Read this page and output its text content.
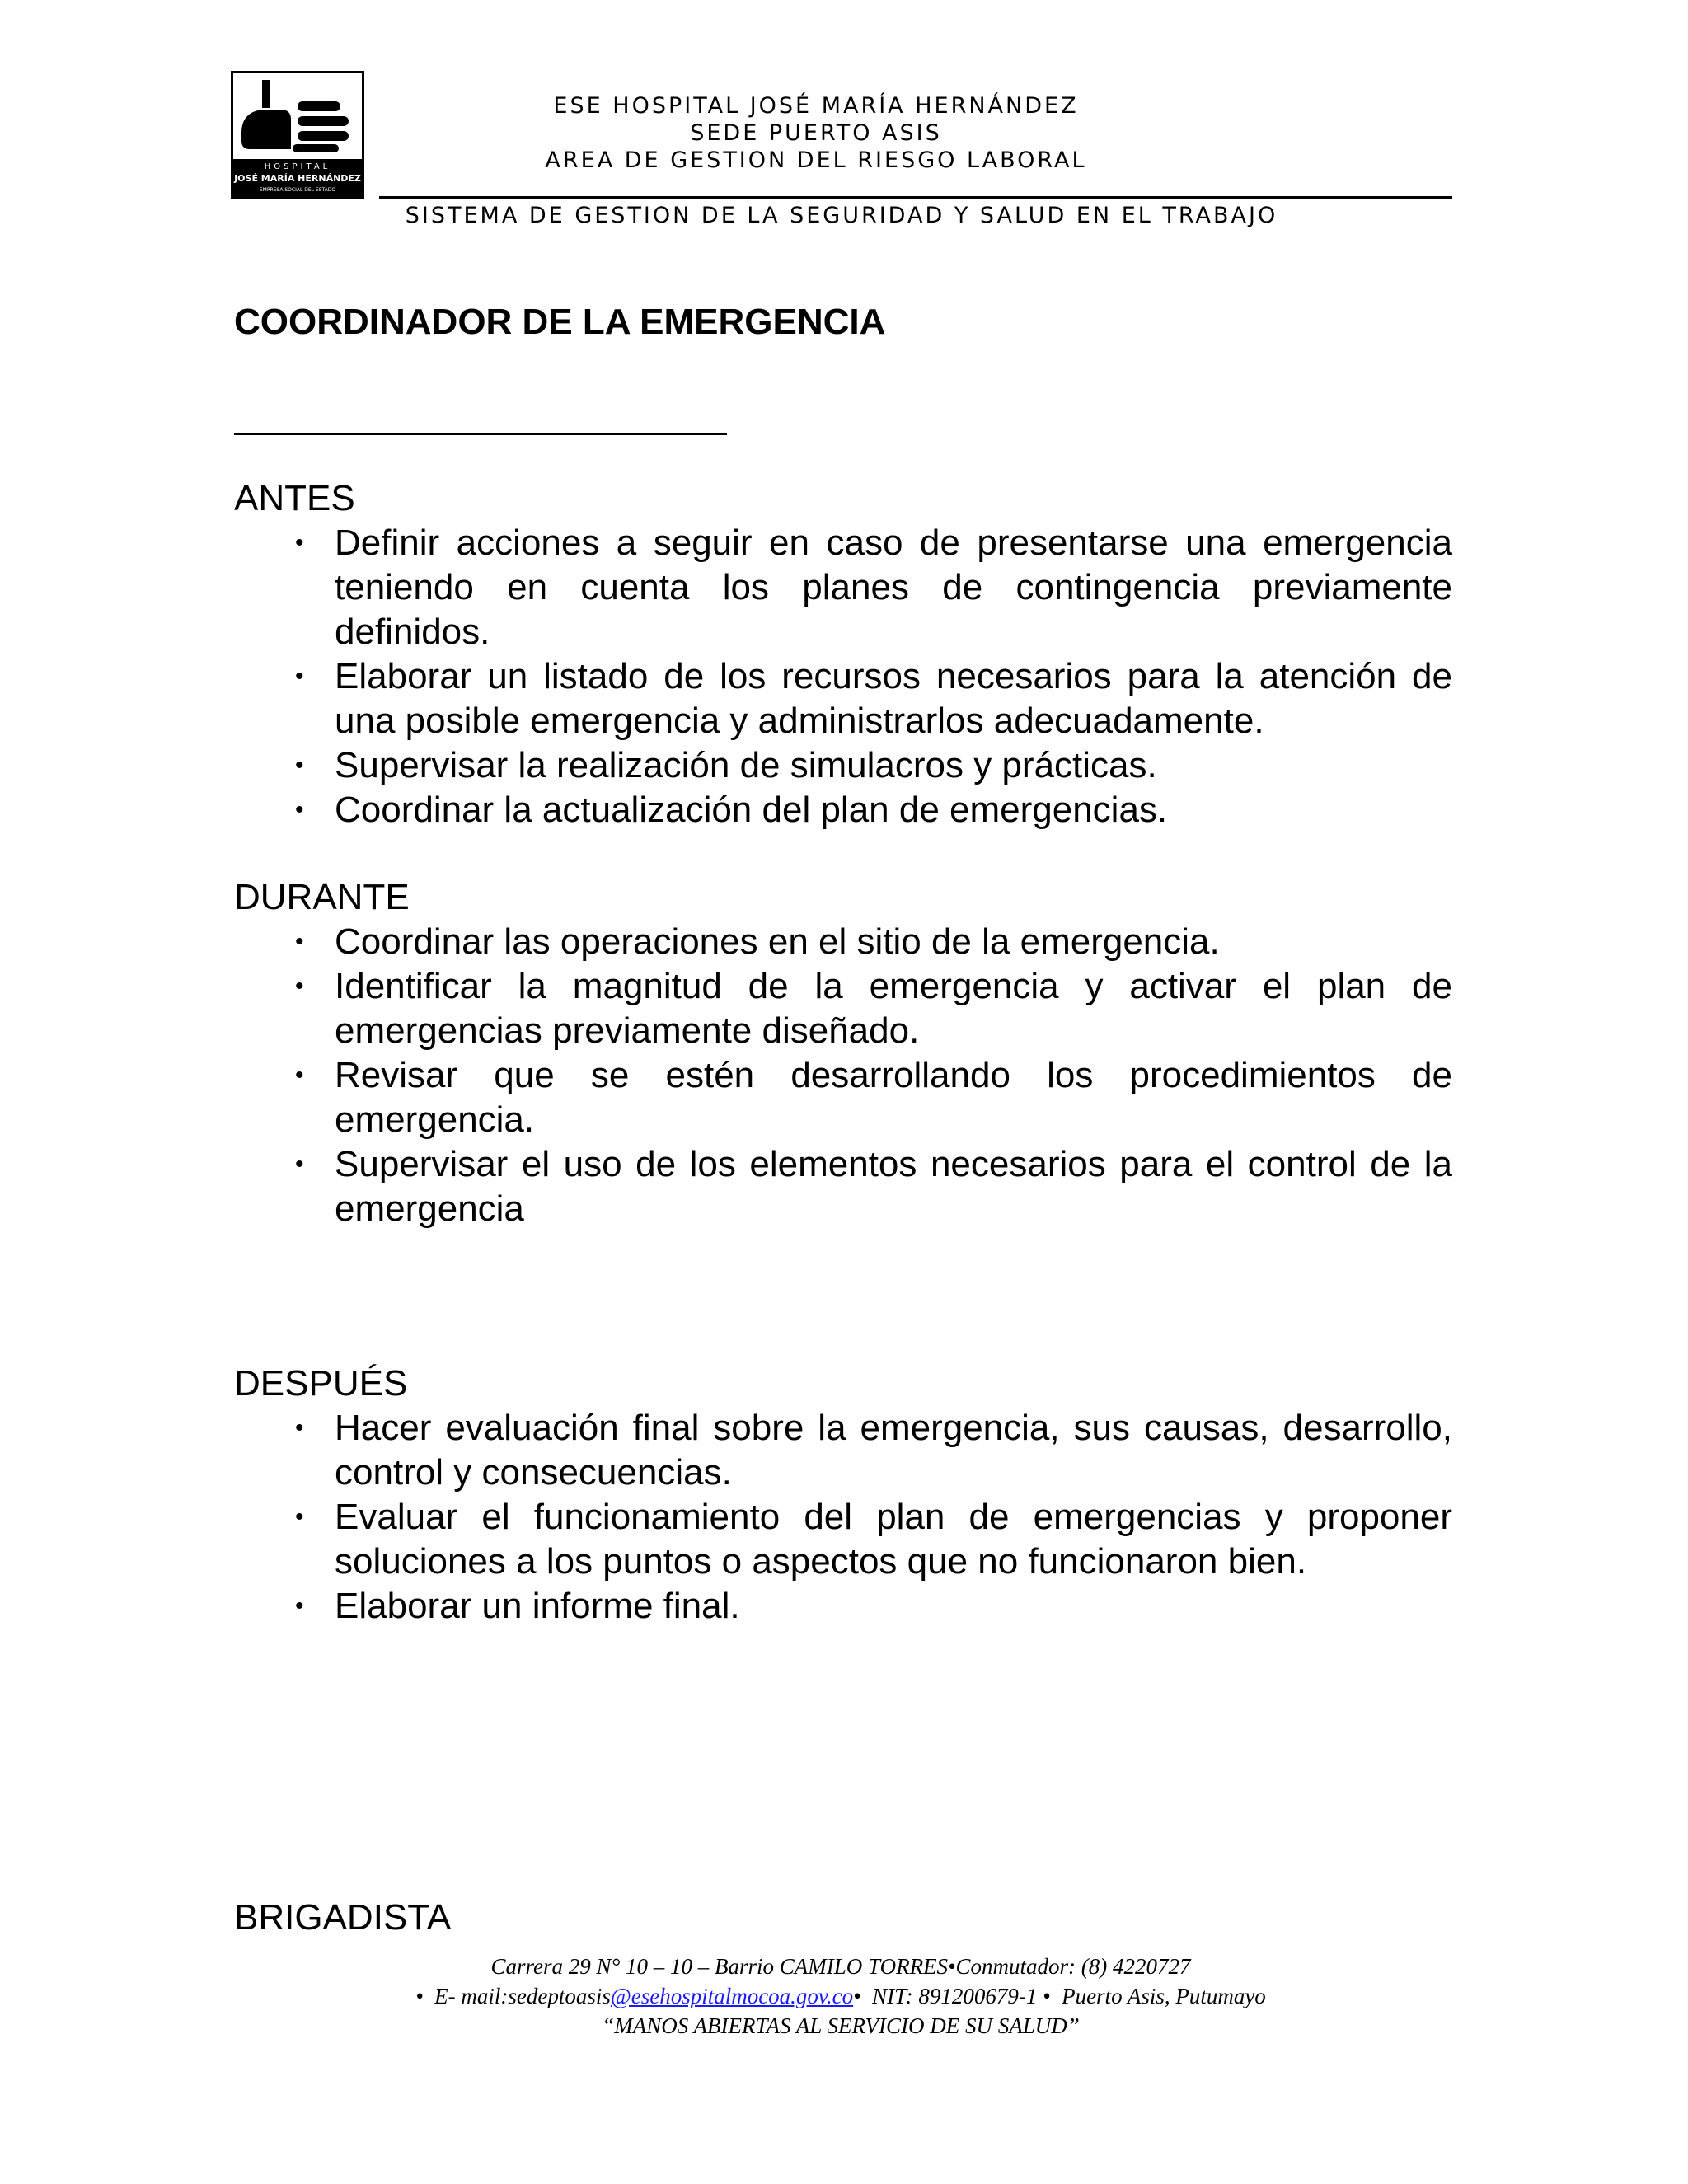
HOSPITAL
JOSÉ MARÍA HERNÁNDEZ
EMPRESA SOCIAL DEL ESTADO
ESE HOSPITAL JOSÉ MARÍA HERNÁNDEZ
SEDE PUERTO ASIS
AREA DE GESTION DEL RIESGO LABORAL
SISTEMA DE GESTION DE LA SEGURIDAD Y SALUD EN EL TRABAJO
COORDINADOR DE LA EMERGENCIA
ANTES
• Definir acciones a seguir en caso de presentarse una emergencia teniendo en cuenta los planes de contingencia previamente definidos.
• Elaborar un listado de los recursos necesarios para la atención de una posible emergencia y administrarlos adecuadamente.
• Supervisar la realización de simulacros y prácticas.
• Coordinar la actualización del plan de emergencias.
DURANTE
• Coordinar las operaciones en el sitio de la emergencia.
• Identificar la magnitud de la emergencia y activar el plan de emergencias previamente diseñado.
• Revisar que se estén desarrollando los procedimientos de emergencia.
• Supervisar el uso de los elementos necesarios para el control de la emergencia
DESPUÉS
• Hacer evaluación final sobre la emergencia, sus causas, desarrollo, control y consecuencias.
• Evaluar el funcionamiento del plan de emergencias y proponer soluciones a los puntos o aspectos que no funcionaron bien.
• Elaborar un informe final.
BRIGADISTA
Carrera 29 N° 10 – 10 – Barrio CAMILO TORRES•Conmutador: (8) 4220727
• E- mail:sedeptoasis@esehospitalmocoa.gov.co• NIT: 891200679-1 • Puerto Asis, Putumayo
“MANOS ABIERTAS AL SERVICIO DE SU SALUD”
